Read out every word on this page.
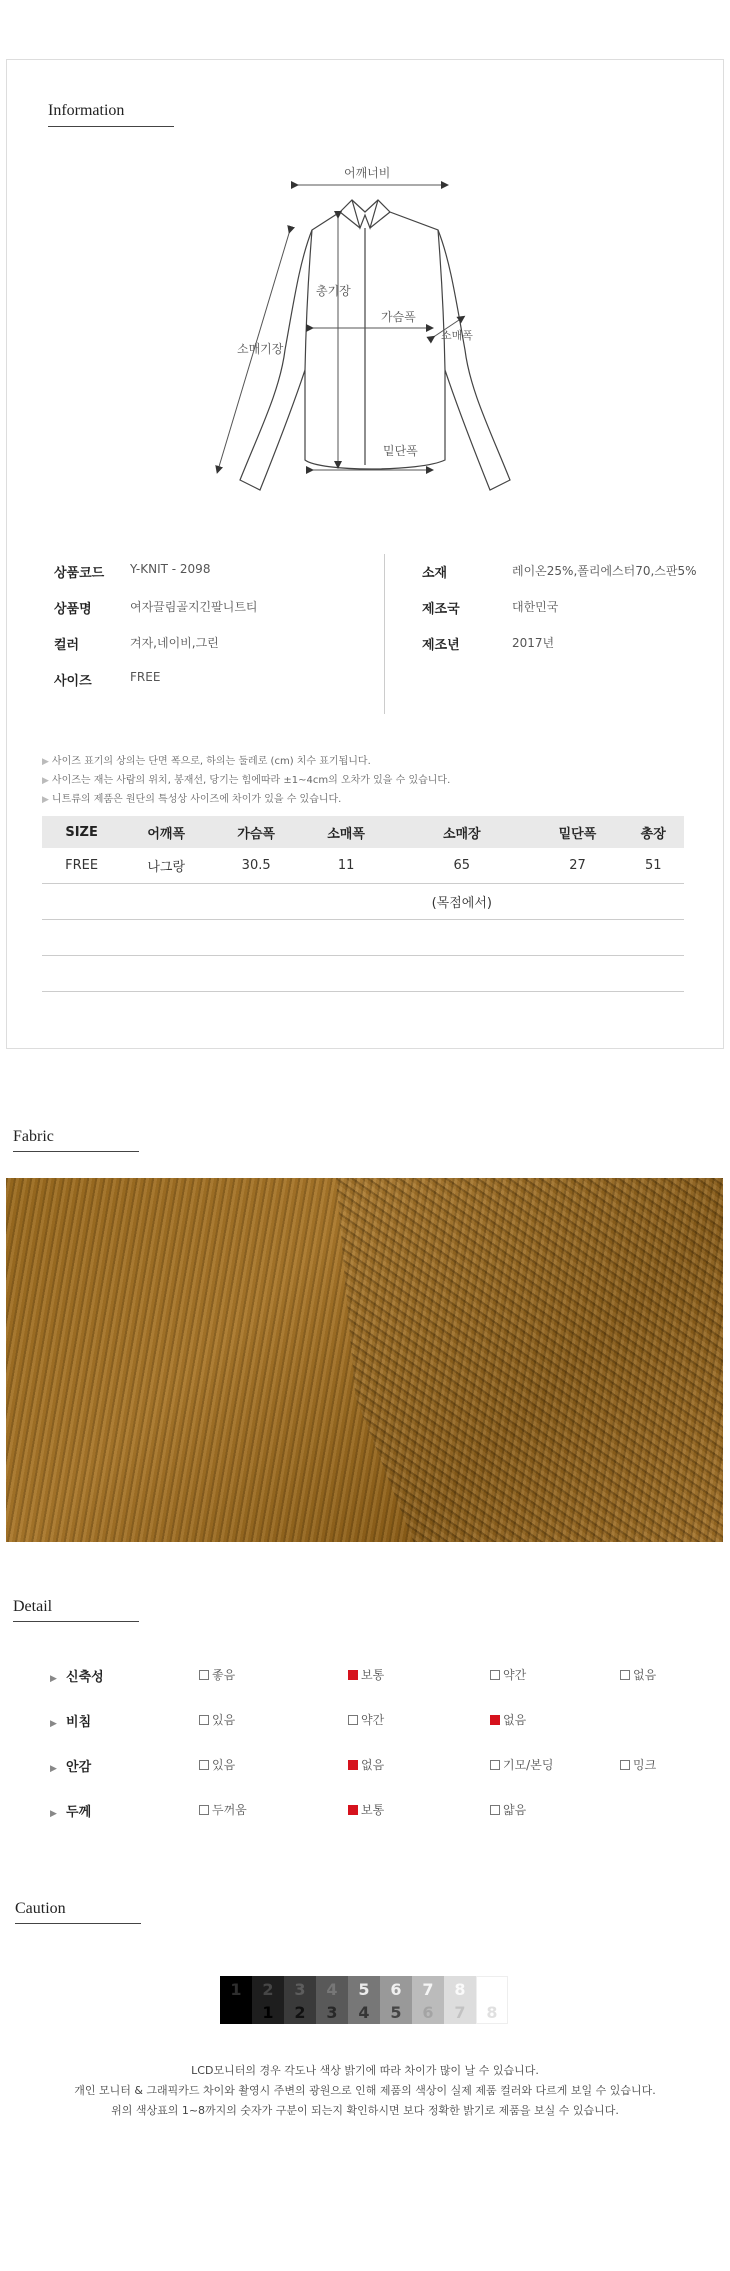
Information
어깨너비
총기장
가슴폭
소매폭
소매기장
밑단폭
상품코드 Y-KNIT - 2098
상품명	여자끌림골지긴팔니트티
컬러	겨자,네이비,그린
사이즈	FREE
소재	레이온25%,폴리에스터70,스판5%
제조국	대한민국
제조년	2017년
▶ 사이즈 표기의 상의는 단면 폭으로, 하의는 둘레로 (cm) 치수 표기됩니다.
▶ 사이즈는 재는 사람의 위치, 봉재선, 당기는 힘에따라 ±1~4cm의 오차가 있을 수 있습니다.
▶ 니트류의 제품은 원단의 특성상 사이즈에 차이가 있을 수 있습니다.
SIZE	어깨폭	가슴폭	소매폭	소매장	밑단폭	총장
FREE	나그랑	30.5	11	65	27	51
				(목점에서)		

Fabric
Detail
▶ 신축성	좋음	보통	약간	없음
▶ 비침	있음	약간	없음
▶ 안감	있음	없음	기모/본딩	밍크
▶ 두께	두꺼움	보통	얇음
Caution
1	2
1
3
2
4
3
5
4
6
5
7
6
8
7	8
LCD모니터의 경우 각도나 색상 밝기에 따라 차이가 많이 날 수 있습니다.
개인 모니터 & 그래픽카드 차이와 촬영시 주변의 광원으로 인해 제품의 색상이 실제 제품 컬러와 다르게 보일 수 있습니다.
위의 색상표의 1~8까지의 숫자가 구분이 되는지 확인하시면 보다 정확한 밝기로 제품을 보실 수 있습니다.
